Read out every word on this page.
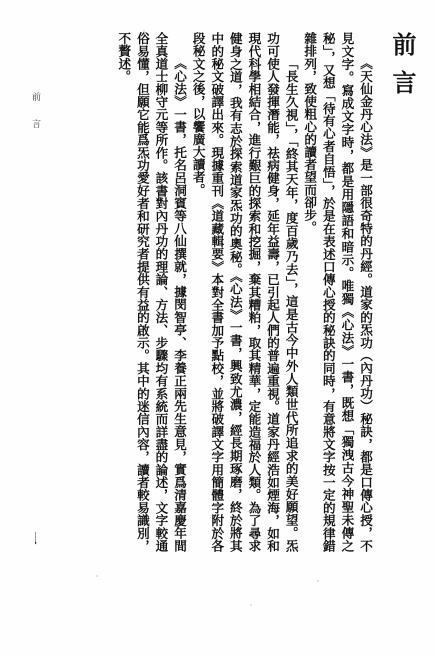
前言

《天仙金丹心法》是一部很奇特的丹經。道家的炁功（內丹功）秘訣，都是口傳心授，不見文字。寫成文字時，都是用隱語和暗示。唯獨《心法》一書，既想「獨洩古今神聖未傳之秘」，又想「待有心者自悟」，於是在表述口傳心授的秘訣的同時，有意將文字按一定的規律錯雜排列，致使粗心的讀者望而卻步。

「長生久視」，「終其天年，度百歲乃去」，這是古今中外人類世代所追求的美好願望。炁功可使人發揮潛能，祛病健身，延年益壽，已引起人們的普遍重視。道家丹經浩如煙海，如和現代科學相結合，進行艱巨的探索和挖掘，棄其糟粕，取其精華，定能造福於人類。為了尋求健身之道，我有志於探索道家炁功的奧秘。《心法》一書，興致尤濃，經長期琢磨，終於將其中的秘文破譯出來。現據重刊《道藏輯要》本對全書加予點校，並將破譯文字用簡體字附於各段秘文之後，以饗廣大讀者。

《心法》一書，托名呂洞賓等八仙撰就，據閔智亭、李養正兩先生意見，實爲清嘉慶年間全真道士柳守元等所作。該書對內丹功的理論、方法、步驟均有系統而詳盡的論述，文字較通俗易懂，但願它能爲炁功愛好者和研究者提供有益的啟示。其中的迷信內容，讀者較易識別，不贅述。

前言
一
